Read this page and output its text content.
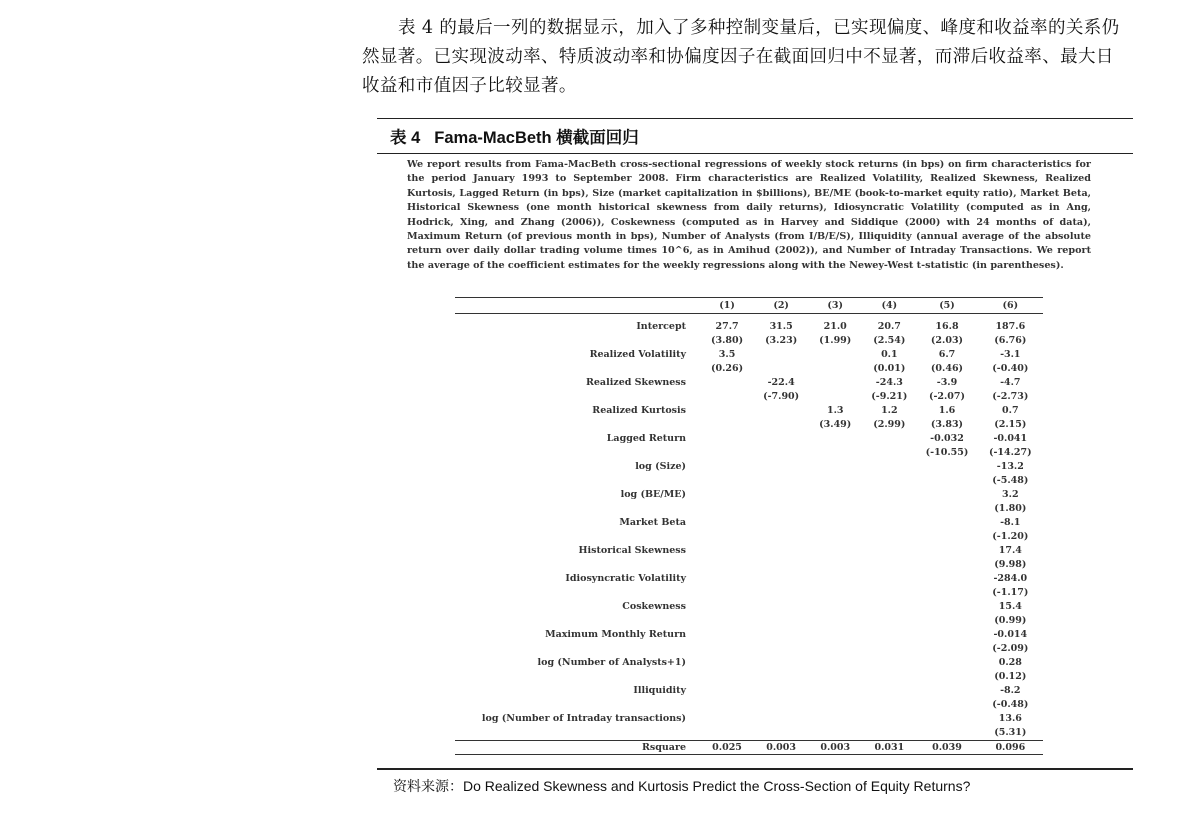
表 4 的最后一列的数据显示，加入了多种控制变量后，已实现偏度、峰度和收益率的关系仍然显著。已实现波动率、特质波动率和协偏度因子在截面回归中不显著，而滞后收益率、最大日收益和市值因子比较显著。

表 4 Fama-MacBeth 横截面回归

We report results from Fama-MacBeth cross-sectional regressions of weekly stock returns (in bps) on firm characteristics for the period January 1993 to September 2008. Firm characteristics are Realized Volatility, Realized Skewness, Realized Kurtosis, Lagged Return (in bps), Size (market capitalization in $billions), BE/ME (book-to-market equity ratio), Market Beta, Historical Skewness (one month historical skewness from daily returns), Idiosyncratic Volatility (computed as in Ang, Hodrick, Xing, and Zhang (2006)), Coskewness (computed as in Harvey and Siddique (2000) with 24 months of data), Maximum Return (of previous month in bps), Number of Analysts (from I/B/E/S), Illiquidity (annual average of the absolute return over daily dollar trading volume times 10^6, as in Amihud (2002)), and Number of Intraday Transactions. We report the average of the coefficient estimates for the weekly regressions along with the Newey-West t-statistic (in parentheses).

	(1)	(2)	(3)	(4)	(5)	(6)
Intercept	27.7	31.5	21.0	20.7	16.8	187.6
	(3.80)	(3.23)	(1.99)	(2.54)	(2.03)	(6.76)
Realized Volatility	3.5			0.1	6.7	-3.1
	(0.26)			(0.01)	(0.46)	(-0.40)
Realized Skewness		-22.4		-24.3	-3.9	-4.7
		(-7.90)		(-9.21)	(-2.07)	(-2.73)
Realized Kurtosis			1.3	1.2	1.6	0.7
			(3.49)	(2.99)	(3.83)	(2.15)
Lagged Return					-0.032	-0.041
					(-10.55)	(-14.27)
log (Size)						-13.2
						(-5.48)
log (BE/ME)						3.2
						(1.80)
Market Beta						-8.1
						(-1.20)
Historical Skewness						17.4
						(9.98)
Idiosyncratic Volatility						-284.0
						(-1.17)
Coskewness						15.4
						(0.99)
Maximum Monthly Return						-0.014
						(-2.09)
log (Number of Analysts+1)						0.28
						(0.12)
Illiquidity						-8.2
						(-0.48)
log (Number of Intraday transactions)						13.6
						(5.31)
Rsquare	0.025	0.003	0.003	0.031	0.039	0.096
资料来源：Do Realized Skewness and Kurtosis Predict the Cross-Section of Equity Returns?
